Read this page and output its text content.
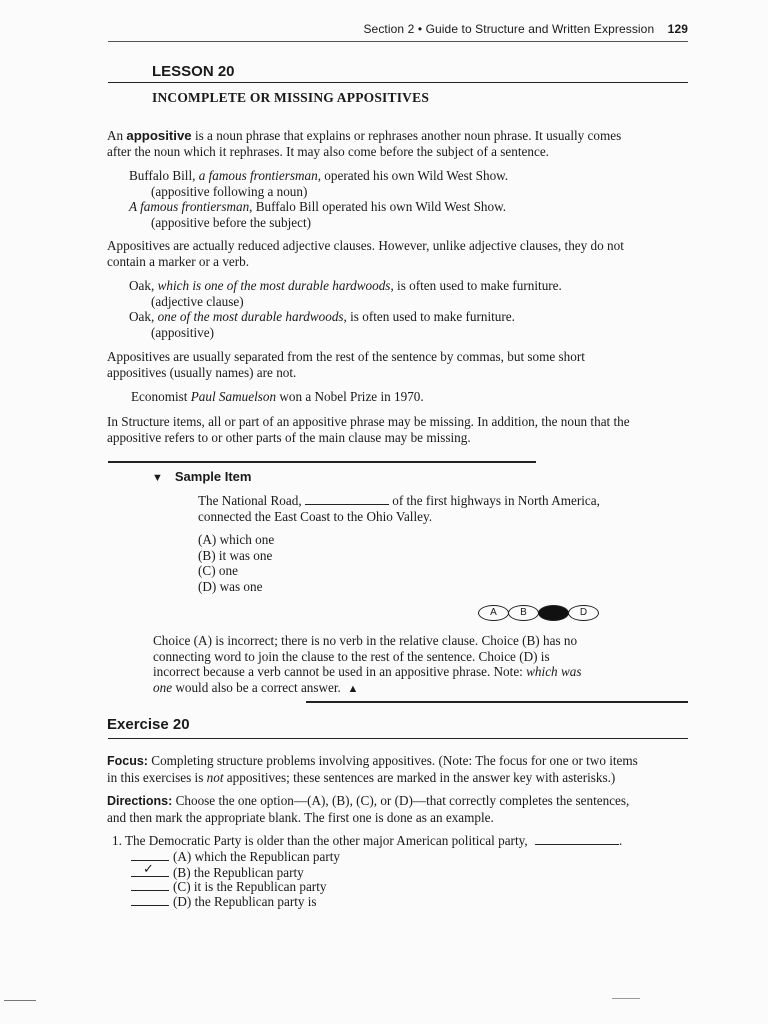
Section 2 • Guide to Structure and Written Expression 129
LESSON 20
INCOMPLETE OR MISSING APPOSITIVES
An appositive is a noun phrase that explains or rephrases another noun phrase. It usually comes
after the noun which it rephrases. It may also come before the subject of a sentence.
Buffalo Bill, a famous frontiersman, operated his own Wild West Show.
(appositive following a noun)
A famous frontiersman, Buffalo Bill operated his own Wild West Show.
(appositive before the subject)
Appositives are actually reduced adjective clauses. However, unlike adjective clauses, they do not
contain a marker or a verb.
Oak, which is one of the most durable hardwoods, is often used to make furniture.
(adjective clause)
Oak, one of the most durable hardwoods, is often used to make furniture.
(appositive)
Appositives are usually separated from the rest of the sentence by commas, but some short
appositives (usually names) are not.
Economist Paul Samuelson won a Nobel Prize in 1970.
In Structure items, all or part of an appositive phrase may be missing. In addition, the noun that the
appositive refers to or other parts of the main clause may be missing.
▼ Sample Item
The National Road,	of the first highways in North America,
connected the East Coast to the Ohio Valley.
(A) which one
(B) it was one
(C) one
(D) was one
A	B	C	D
Choice (A) is incorrect; there is no verb in the relative clause. Choice (B) has no
connecting word to join the clause to the rest of the sentence. Choice (D) is
incorrect because a verb cannot be used in an appositive phrase. Note: which was
one would also be a correct answer. ▲
Exercise 20
Focus: Completing structure problems involving appositives. (Note: The focus for one or two items
in this exercises is not appositives; these sentences are marked in the answer key with asterisks.)
Directions: Choose the one option—(A), (B), (C), or (D)—that correctly completes the sentences,
and then mark the appropriate blank. The first one is done as an example.
1. The Democratic Party is older than the other major American political party,	.
(A) which the Republican party
✓ (B) the Republican party
(C) it is the Republican party
(D) the Republican party is
